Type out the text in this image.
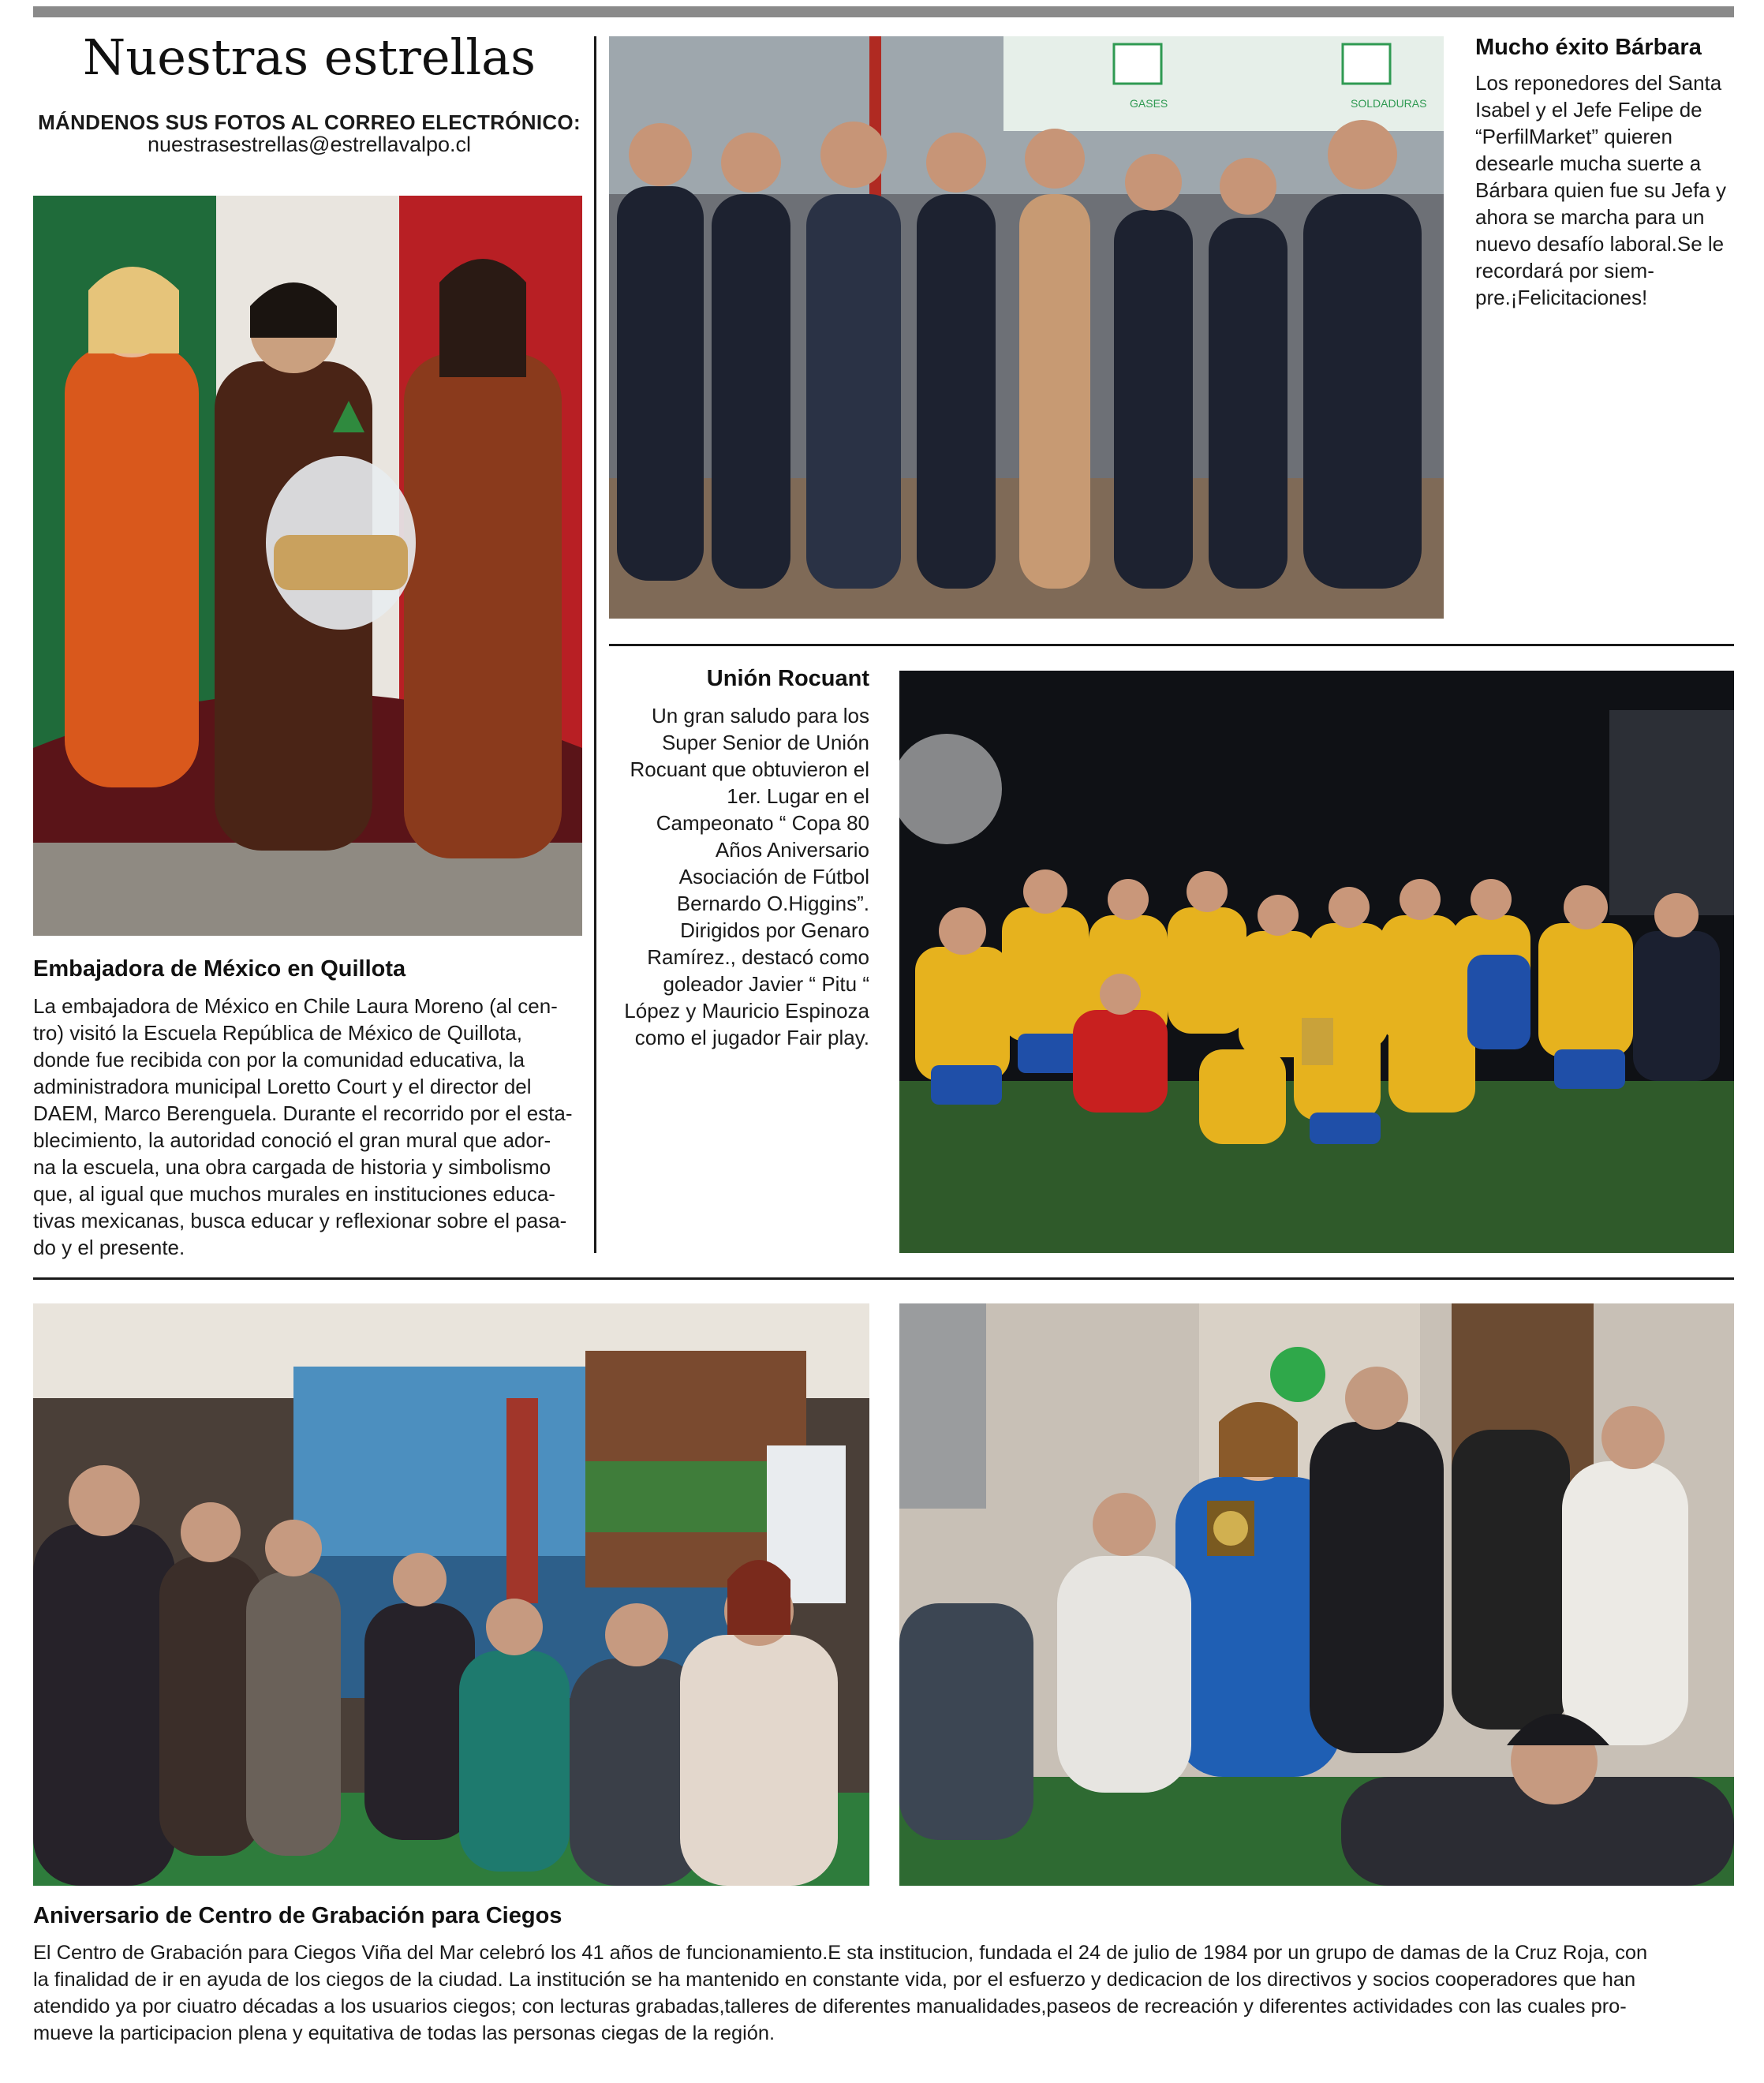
Nuestras estrellas
MÁNDENOS SUS FOTOS AL CORREO ELECTRÓNICO:
nuestrasestrellas@estrellavalpo.cl
GASES	SOLDADURAS
Mucho éxito Bárbara
Los reponedores del Santa
Isabel y el Jefe Felipe de
“PerfilMarket” quieren
desearle mucha suerte a
Bárbara quien fue su Jefa y
ahora se marcha para un
nuevo desafío laboral.Se le
recordará por siem-
pre.¡Felicitaciones!
Unión Rocuant
Un gran saludo para los
Super Senior de Unión
Rocuant que obtuvieron el
1er. Lugar en el
Campeonato “ Copa 80
Años Aniversario
Asociación de Fútbol
Bernardo O.Higgins”.
Dirigidos por Genaro
Ramírez., destacó como
goleador Javier “ Pitu “
López y Mauricio Espinoza
como el jugador Fair play.
Embajadora de México en Quillota
La embajadora de México en Chile Laura Moreno (al cen-
tro) visitó la Escuela República de México de Quillota,
donde fue recibida con por la comunidad educativa, la
administradora municipal Loretto Court y el director del
DAEM, Marco Berenguela. Durante el recorrido por el esta-
blecimiento, la autoridad conoció el gran mural que ador-
na la escuela, una obra cargada de historia y simbolismo
que, al igual que muchos murales en instituciones educa-
tivas mexicanas, busca educar y reflexionar sobre el pasa-
do y el presente.
Aniversario de Centro de Grabación para Ciegos
El Centro de Grabación para Ciegos Viña del Mar celebró los 41 años de funcionamiento.E sta institucion, fundada el 24 de julio de 1984 por un grupo de damas de la Cruz Roja, con
la finalidad de ir en ayuda de los ciegos de la ciudad. La institución se ha mantenido en constante vida, por el esfuerzo y dedicacion de los directivos y socios cooperadores que han
atendido ya por ciuatro décadas a los usuarios ciegos; con lecturas grabadas,talleres de diferentes manualidades,paseos de recreación y diferentes actividades con las cuales pro-
mueve la participacion plena y equitativa de todas las personas ciegas de la región.
